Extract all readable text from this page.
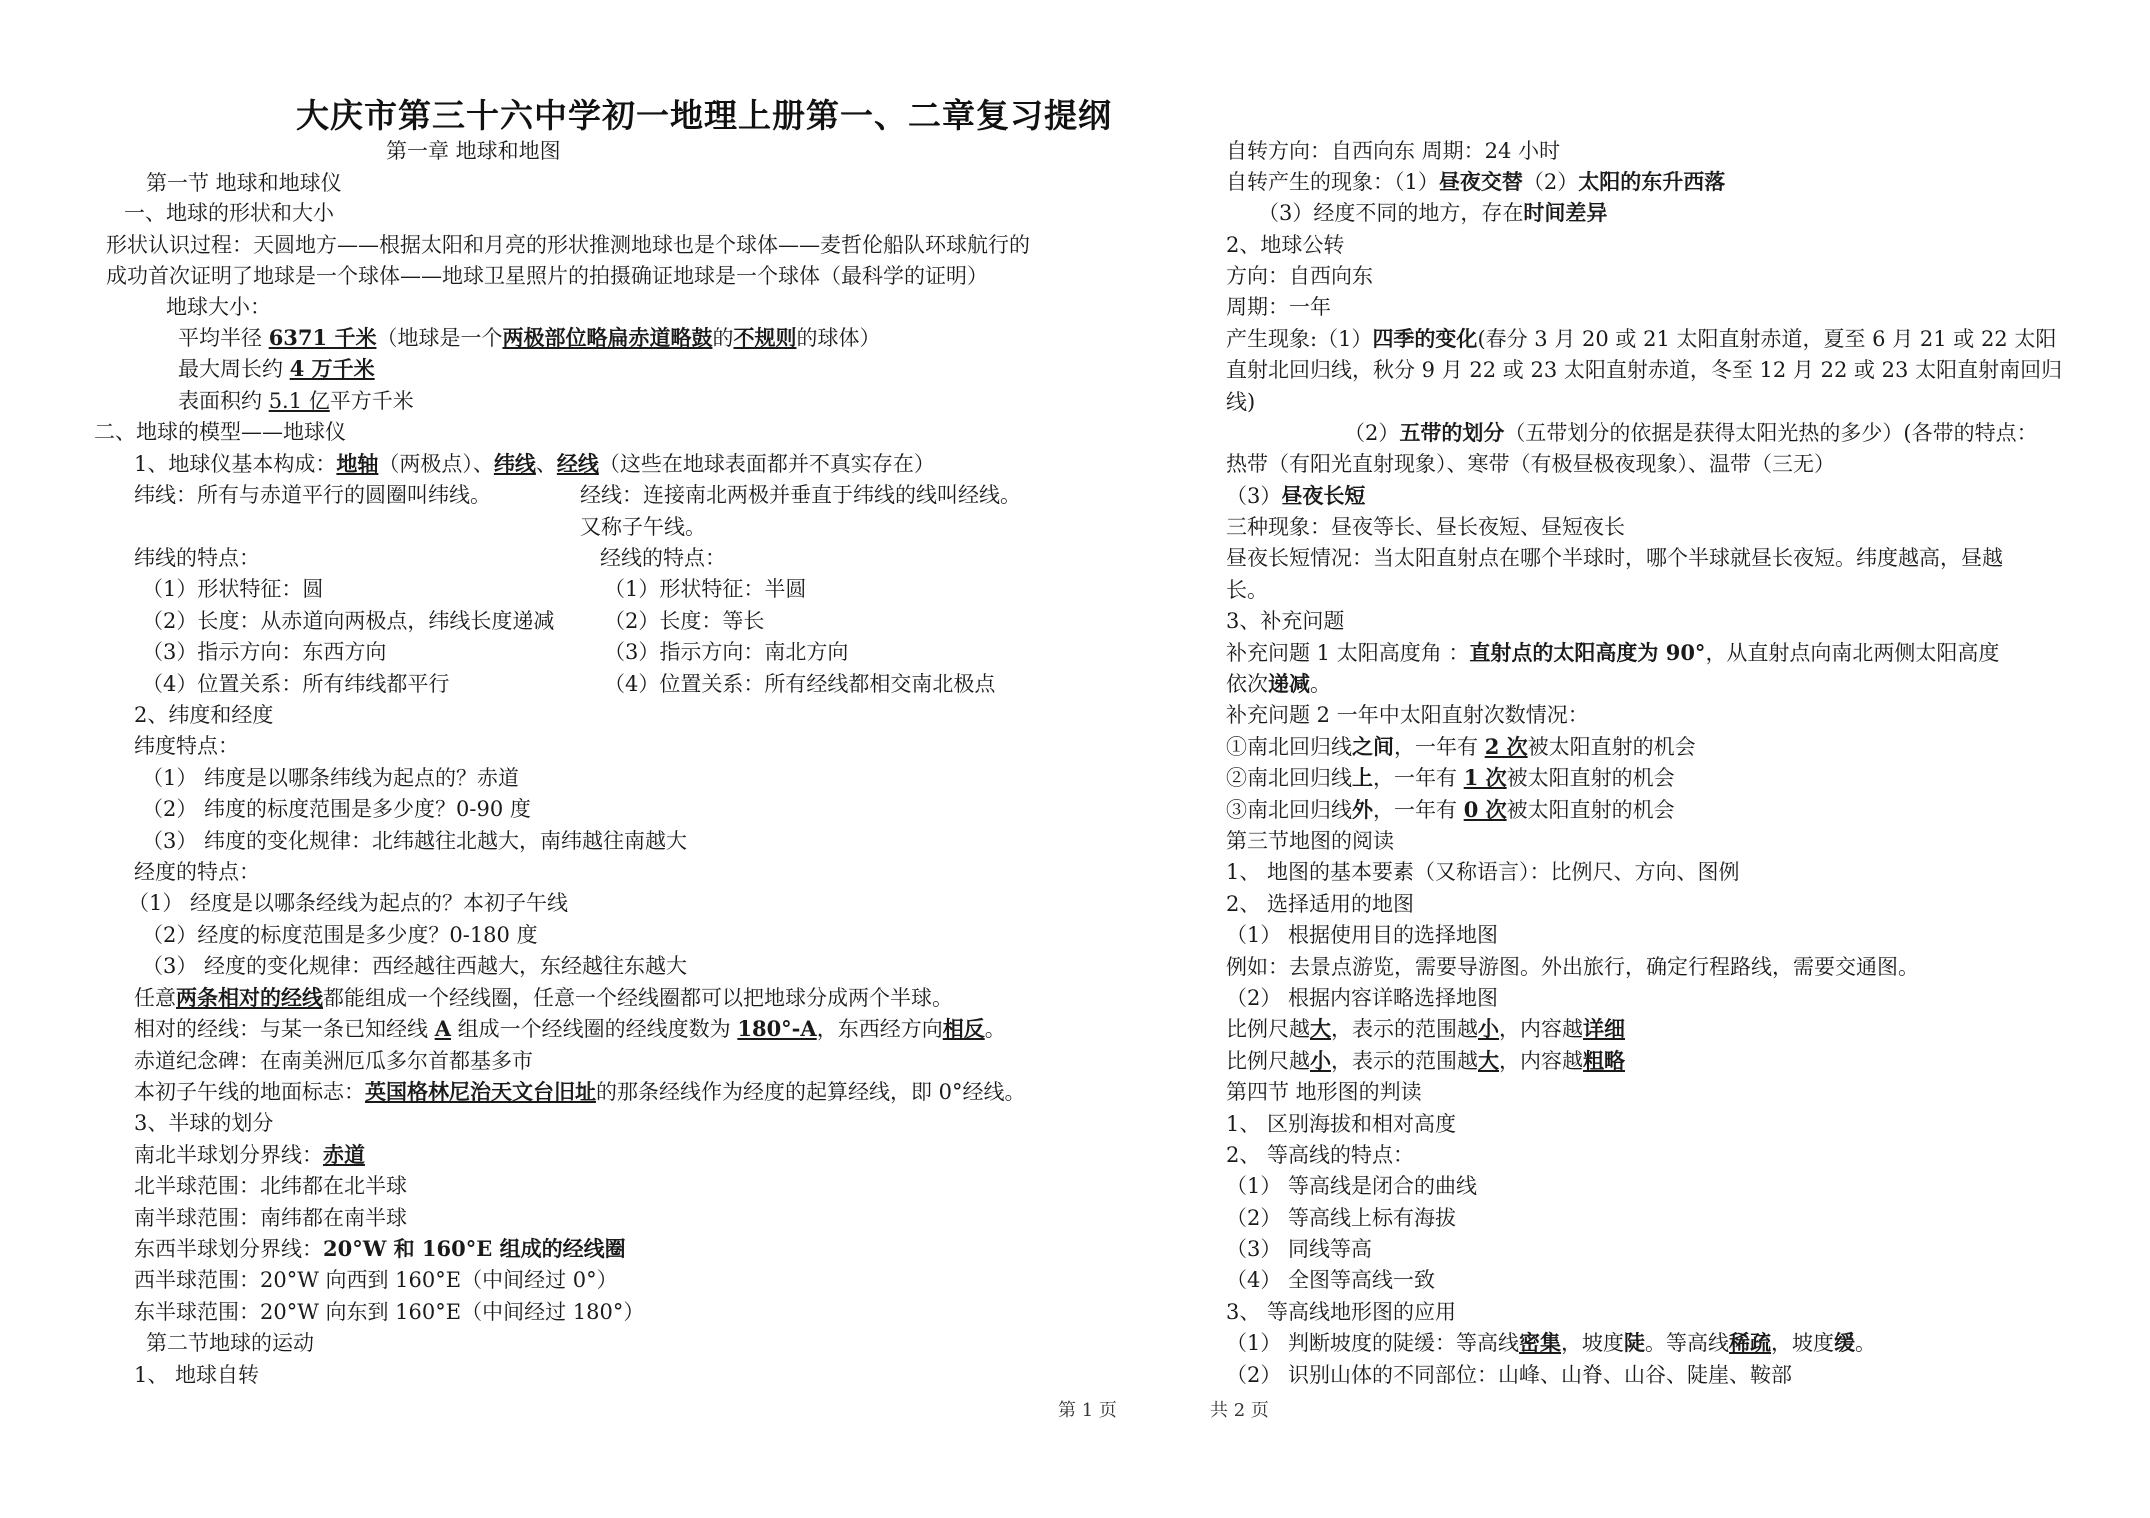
大庆市第三十六中学初一地理上册第一、二章复习提纲
第一章 地球和地图
第一节 地球和地球仪
一、地球的形状和大小
形状认识过程：天圆地方——根据太阳和月亮的形状推测地球也是个球体——麦哲伦船队环球航行的
成功首次证明了地球是一个球体——地球卫星照片的拍摄确证地球是一个球体（最科学的证明）
地球大小：
平均半径 6371 千米（地球是一个两极部位略扁赤道略鼓的不规则的球体）
最大周长约 4 万千米
表面积约 5.1 亿平方千米
二、地球的模型——地球仪
1、地球仪基本构成：地轴（两极点）、纬线、经线（这些在地球表面都并不真实存在）
纬线：所有与赤道平行的圆圈叫纬线。	经线：连接南北两极并垂直于纬线的线叫经线。
又称子午线。
纬线的特点：	经线的特点：
（1）形状特征：圆	（1）形状特征：半圆
（2）长度：从赤道向两极点，纬线长度递减 （2）长度：等长
（3）指示方向：东西方向	（3）指示方向：南北方向
（4）位置关系：所有纬线都平行	（4）位置关系：所有经线都相交南北极点
2、纬度和经度
纬度特点：
（1） 纬度是以哪条纬线为起点的？赤道
（2） 纬度的标度范围是多少度？0-90 度
（3） 纬度的变化规律：北纬越往北越大，南纬越往南越大
经度的特点：
（1） 经度是以哪条经线为起点的？本初子午线
（2）经度的标度范围是多少度？0-180 度
（3） 经度的变化规律：西经越往西越大，东经越往东越大
任意两条相对的经线都能组成一个经线圈，任意一个经线圈都可以把地球分成两个半球。
相对的经线：与某一条已知经线 A 组成一个经线圈的经线度数为 180°-A，东西经方向相反。
赤道纪念碑：在南美洲厄瓜多尔首都基多市
本初子午线的地面标志：英国格林尼治天文台旧址的那条经线作为经度的起算经线，即 0°经线。
3、半球的划分
南北半球划分界线：赤道
北半球范围：北纬都在北半球
南半球范围：南纬都在南半球
东西半球划分界线：20°W 和 160°E 组成的经线圈
西半球范围：20°W 向西到 160°E（中间经过 0°）
东半球范围：20°W 向东到 160°E（中间经过 180°）
第二节地球的运动
1、 地球自转
自转方向：自西向东 周期：24 小时
自转产生的现象：（1）昼夜交替（2）太阳的东升西落
（3）经度不同的地方，存在时间差异
2、地球公转
方向：自西向东
周期：一年
产生现象:（1）四季的变化(春分 3 月 20 或 21 太阳直射赤道，夏至 6 月 21 或 22 太阳
直射北回归线，秋分 9 月 22 或 23 太阳直射赤道，冬至 12 月 22 或 23 太阳直射南回归
线)
（2）五带的划分（五带划分的依据是获得太阳光热的多少）(各带的特点：
热带（有阳光直射现象）、寒带（有极昼极夜现象）、温带（三无）
（3）昼夜长短
三种现象：昼夜等长、昼长夜短、昼短夜长
昼夜长短情况：当太阳直射点在哪个半球时，哪个半球就昼长夜短。纬度越高，昼越
长。
3、补充问题
补充问题 1 太阳高度角 ：直射点的太阳高度为 90°，从直射点向南北两侧太阳高度
依次递减。
补充问题 2 一年中太阳直射次数情况：
①南北回归线之间，一年有 2 次被太阳直射的机会
②南北回归线上，一年有 1 次被太阳直射的机会
③南北回归线外，一年有 0 次被太阳直射的机会
第三节地图的阅读
1、 地图的基本要素（又称语言）：比例尺、方向、图例
2、 选择适用的地图
（1） 根据使用目的选择地图
例如：去景点游览，需要导游图。外出旅行，确定行程路线，需要交通图。
（2） 根据内容详略选择地图
比例尺越大，表示的范围越小，内容越详细
比例尺越小，表示的范围越大，内容越粗略
第四节 地形图的判读
1、 区别海拔和相对高度
2、 等高线的特点：
（1） 等高线是闭合的曲线
（2） 等高线上标有海拔
（3） 同线等高
（4） 全图等高线一致
3、 等高线地形图的应用
（1） 判断坡度的陡缓：等高线密集，坡度陡。等高线稀疏，坡度缓。
（2） 识别山体的不同部位：山峰、山脊、山谷、陡崖、鞍部
第 1 页	共 2 页
